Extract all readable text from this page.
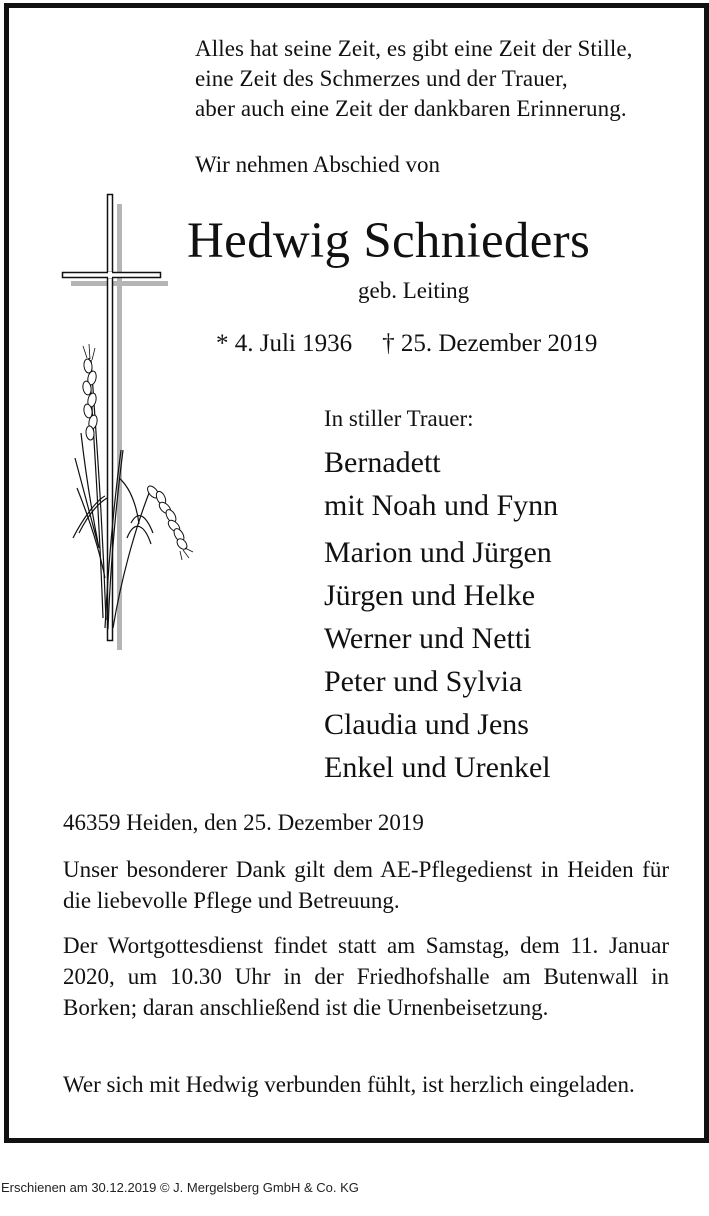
Alles hat seine Zeit, es gibt eine Zeit der Stille,
eine Zeit des Schmerzes und der Trauer,
aber auch eine Zeit der dankbaren Erinnerung.
Wir nehmen Abschied von
Hedwig Schnieders
geb. Leiting
* 4. Juli 1936 † 25. Dezember 2019
In stiller Trauer:
Bernadett
mit Noah und Fynn
Marion und Jürgen
Jürgen und Helke
Werner und Netti
Peter und Sylvia
Claudia und Jens
Enkel und Urenkel
46359 Heiden, den 25. Dezember 2019
Unser besonderer Dank gilt dem AE-Pflegedienst in Heiden für die liebevolle Pflege und Betreuung.
Der Wortgottesdienst findet statt am Samstag, dem 11. Januar 2020, um 10.30 Uhr in der Friedhofshalle am Butenwall in Borken; daran anschließend ist die Urnenbeisetzung.
Wer sich mit Hedwig verbunden fühlt, ist herzlich eingeladen.
Erschienen am 30.12.2019 © J. Mergelsberg GmbH & Co. KG
